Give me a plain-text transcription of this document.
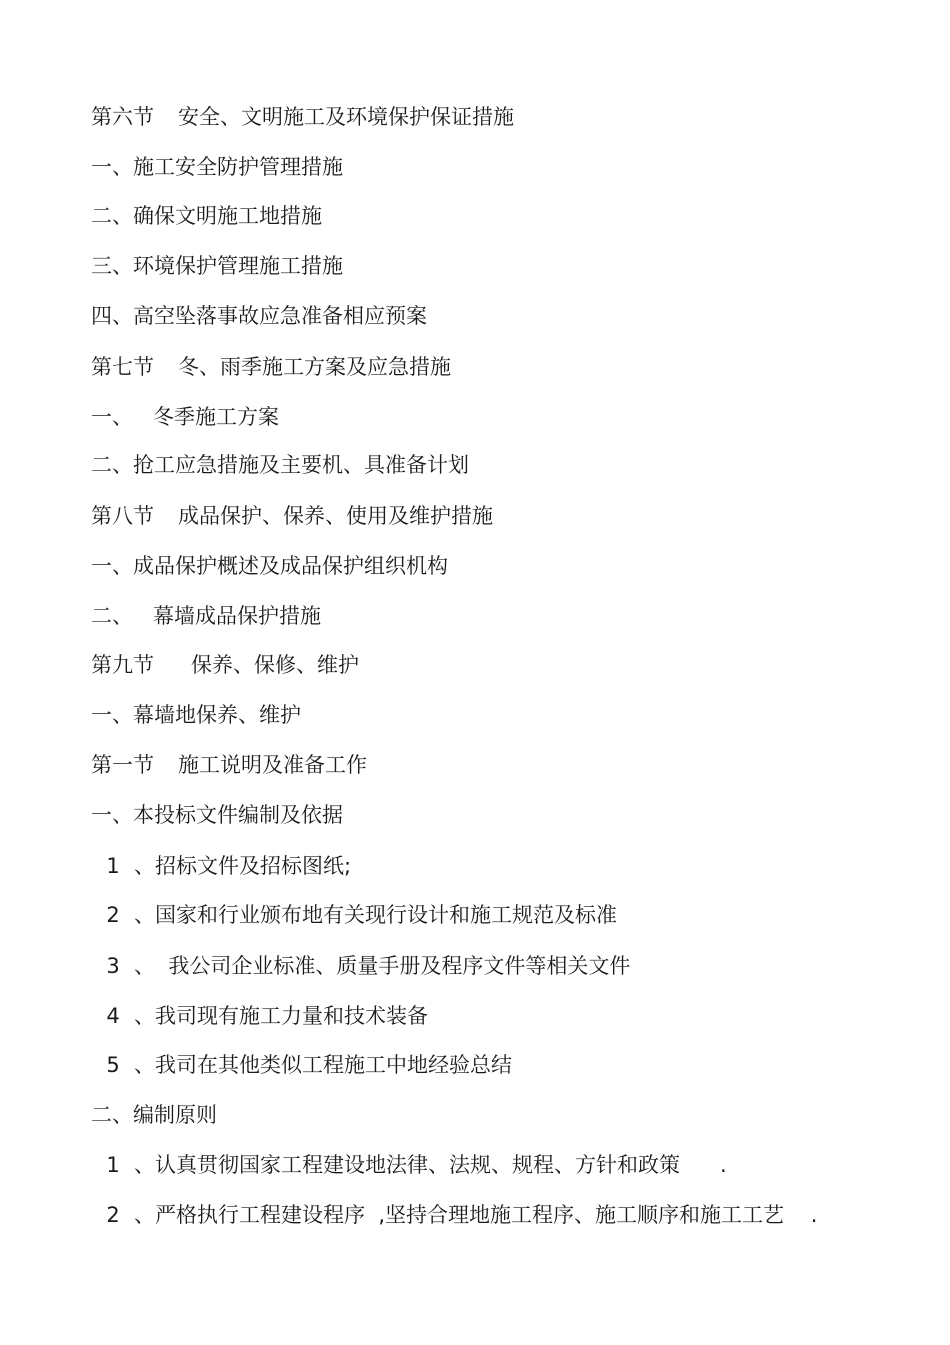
第六节 安全、文明施工及环境保护保证措施
一、施工安全防护管理措施
二、确保文明施工地措施
三、环境保护管理施工措施
四、高空坠落事故应急准备相应预案
第七节 冬、雨季施工方案及应急措施
一、 冬季施工方案
二、抢工应急措施及主要机、具准备计划
第八节 成品保护、保养、使用及维护措施
一、成品保护概述及成品保护组织机构
二、 幕墙成品保护措施
第九节 保养、保修、维护
一、幕墙地保养、维护
第一节 施工说明及准备工作
一、本投标文件编制及依据
1 、招标文件及招标图纸;
2 、国家和行业颁布地有关现行设计和施工规范及标准
3 、  我公司企业标准、质量手册及程序文件等相关文件
4 、我司现有施工力量和技术装备
5 、我司在其他类似工程施工中地经验总结
二、编制原则
1 、认真贯彻国家工程建设地法律、法规、规程、方针和政策      .
2 、严格执行工程建设程序  ,坚持合理地施工程序、施工顺序和施工工艺    .
